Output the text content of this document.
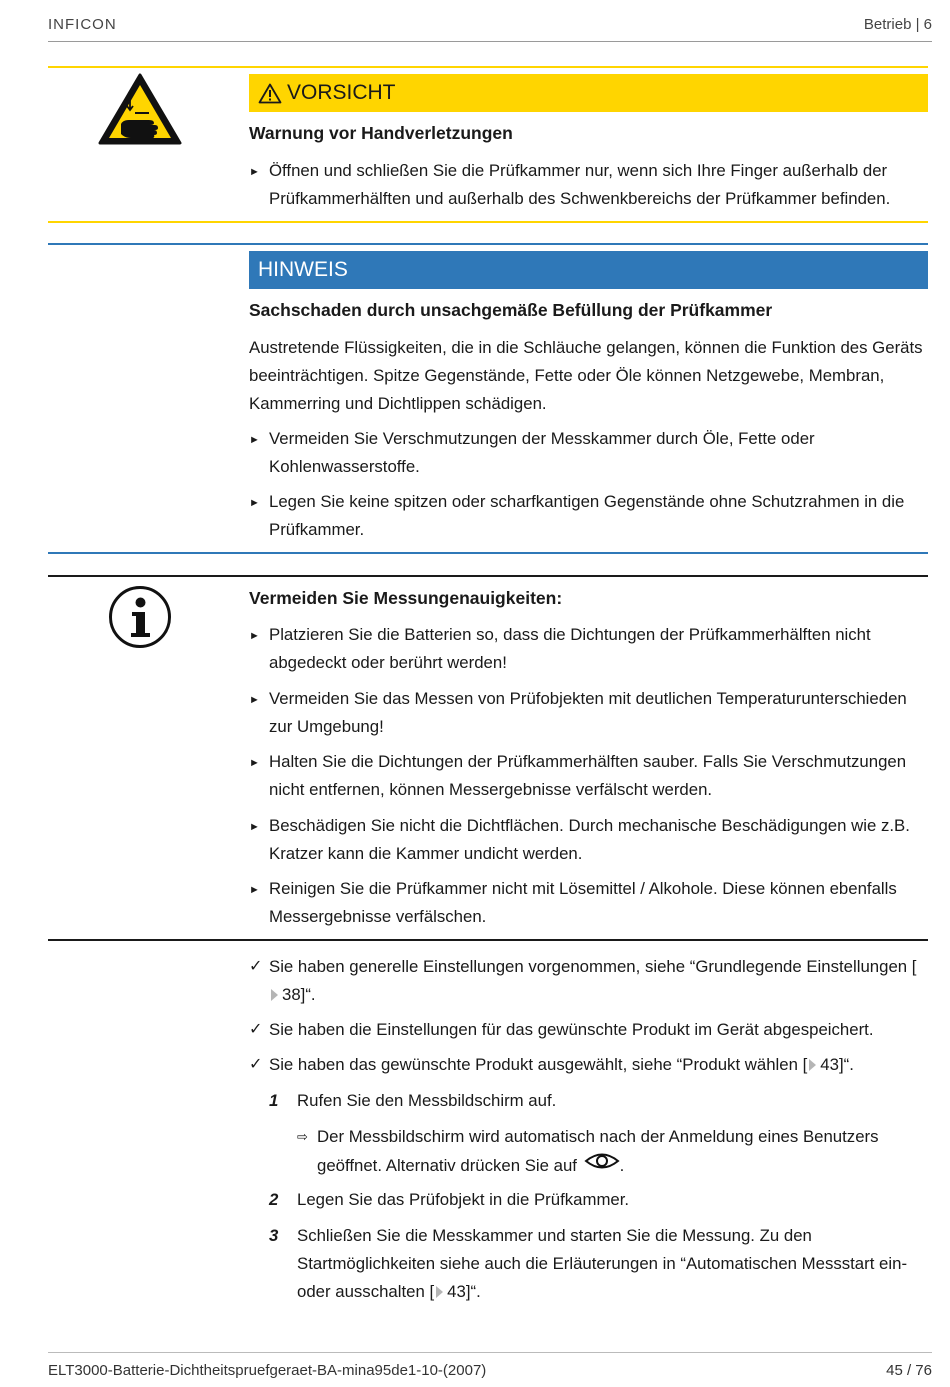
INFICON	Betrieb | 6
VORSICHT
Warnung vor Handverletzungen
► Öffnen und schließen Sie die Prüfkammer nur, wenn sich Ihre Finger außerhalb der Prüfkammerhälften und außerhalb des Schwenkbereichs der Prüfkammer befinden.
HINWEIS
Sachschaden durch unsachgemäße Befüllung der Prüfkammer
Austretende Flüssigkeiten, die in die Schläuche gelangen, können die Funktion des Geräts beeinträchtigen. Spitze Gegenstände, Fette oder Öle können Netzgewebe, Membran, Kammerring und Dichtlippen schädigen.
► Vermeiden Sie Verschmutzungen der Messkammer durch Öle, Fette oder Kohlenwasserstoffe.
► Legen Sie keine spitzen oder scharfkantigen Gegenstände ohne Schutzrahmen in die Prüfkammer.
Vermeiden Sie Messungenauigkeiten:
► Platzieren Sie die Batterien so, dass die Dichtungen der Prüfkammerhälften nicht abgedeckt oder berührt werden!
► Vermeiden Sie das Messen von Prüfobjekten mit deutlichen Temperaturunterschieden zur Umgebung!
► Halten Sie die Dichtungen der Prüfkammerhälften sauber. Falls Sie Verschmutzungen nicht entfernen, können Messergebnisse verfälscht werden.
► Beschädigen Sie nicht die Dichtflächen. Durch mechanische Beschädigungen wie z.B. Kratzer kann die Kammer undicht werden.
► Reinigen Sie die Prüfkammer nicht mit Lösemittel / Alkohole. Diese können ebenfalls Messergebnisse verfälschen.
✓ Sie haben generelle Einstellungen vorgenommen, siehe “Grundlegende Einstellungen [38]“.
✓ Sie haben die Einstellungen für das gewünschte Produkt im Gerät abgespeichert.
✓ Sie haben das gewünschte Produkt ausgewählt, siehe “Produkt wählen [ 43]“.
1 Rufen Sie den Messbildschirm auf.
⇨ Der Messbildschirm wird automatisch nach der Anmeldung eines Benutzers geöffnet. Alternativ drücken Sie auf	.
2 Legen Sie das Prüfobjekt in die Prüfkammer.
3 Schließen Sie die Messkammer und starten Sie die Messung. Zu den Startmöglichkeiten siehe auch die Erläuterungen in “Automatischen Messstart ein- oder ausschalten [ 43]“.
ELT3000-Batterie-Dichtheitspruefgeraet-BA-mina95de1-10-(2007)	45 / 76
